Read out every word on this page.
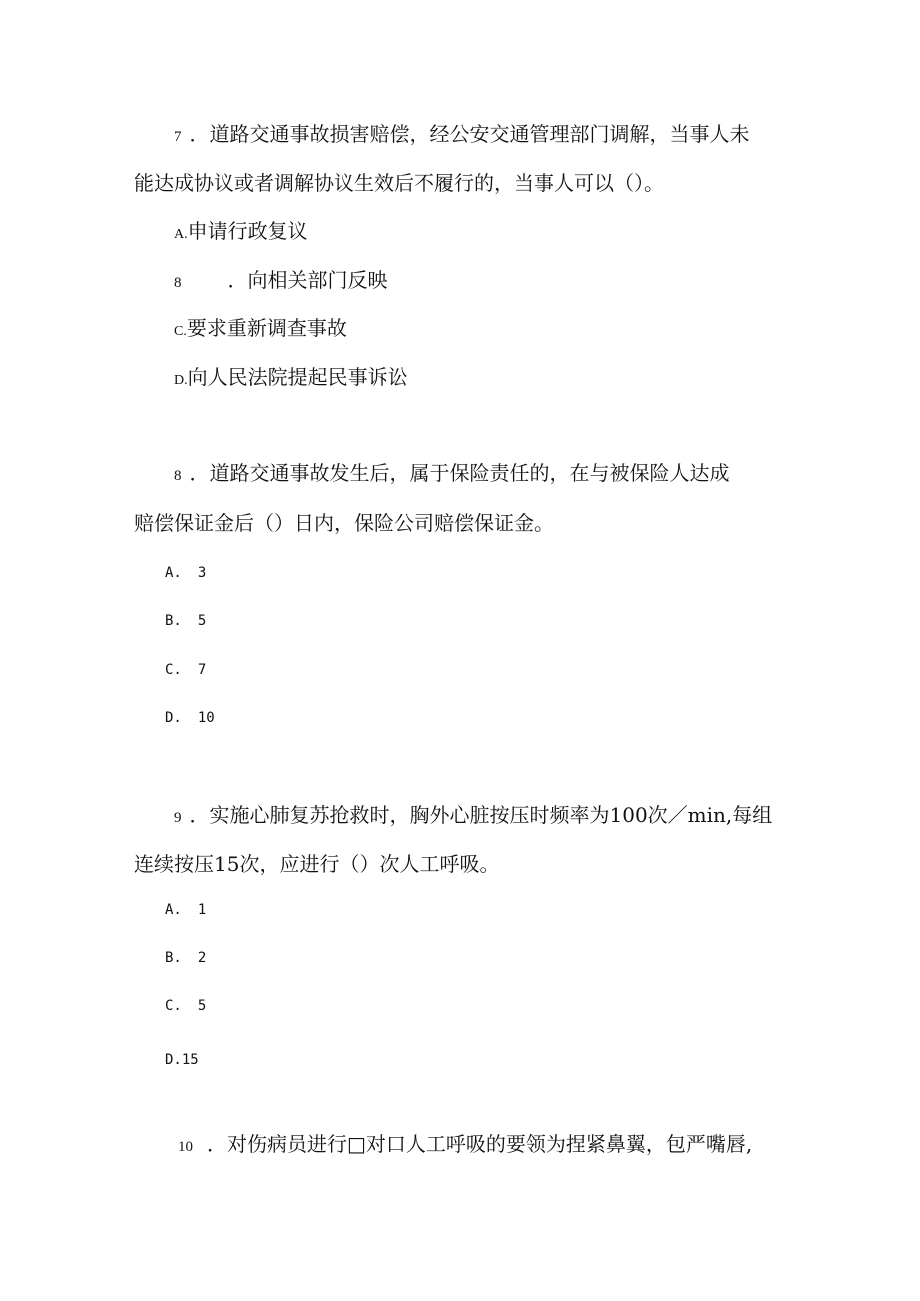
7 ．道路交通事故损害赔偿，经公安交通管理部门调解，当事人未
能达成协议或者调解协议生效后不履行的，当事人可以（）。
A.申请行政复议
8 ．向相关部门反映
C.要求重新调查事故
D.向人民法院提起民事诉讼
8 ．道路交通事故发生后，属于保险责任的，在与被保险人达成
赔偿保证金后（）日内，保险公司赔偿保证金。
A. 3
B. 5
C. 7
D. 10
9 ．实施心肺复苏抢救时，胸外心脏按压时频率为100次／min,每组
连续按压15次，应进行（）次人工呼吸。
A. 1
B. 2
C. 5
D.15
10 ．对伤病员进行□对口人工呼吸的要领为捏紧鼻翼，包严嘴唇,
